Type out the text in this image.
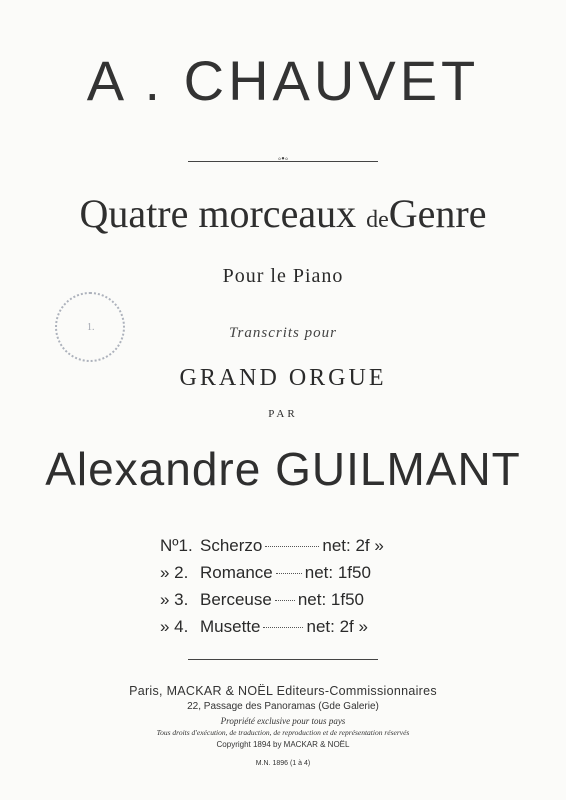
A . CHAUVET
◦•◦
Quatre morceaux deGenre
Pour le Piano
1.	Transcrits pour
GRAND ORGUE
PAR
Alexandre GUILMANT
Nº1. Scherzo	net: 2f »
» 2. Romance net: 1f50
» 3. Berceuse net: 1f50
» 4. Musette	net: 2f »
Paris, MACKAR & NOËL Editeurs-Commissionnaires
22, Passage des Panoramas (Gde Galerie)
Propriété exclusive pour tous pays
Tous droits d'exécution, de traduction, de reproduction et de représentation réservés
Copyright 1894 by MACKAR & NOËL
M.N. 1896 (1 à 4)
